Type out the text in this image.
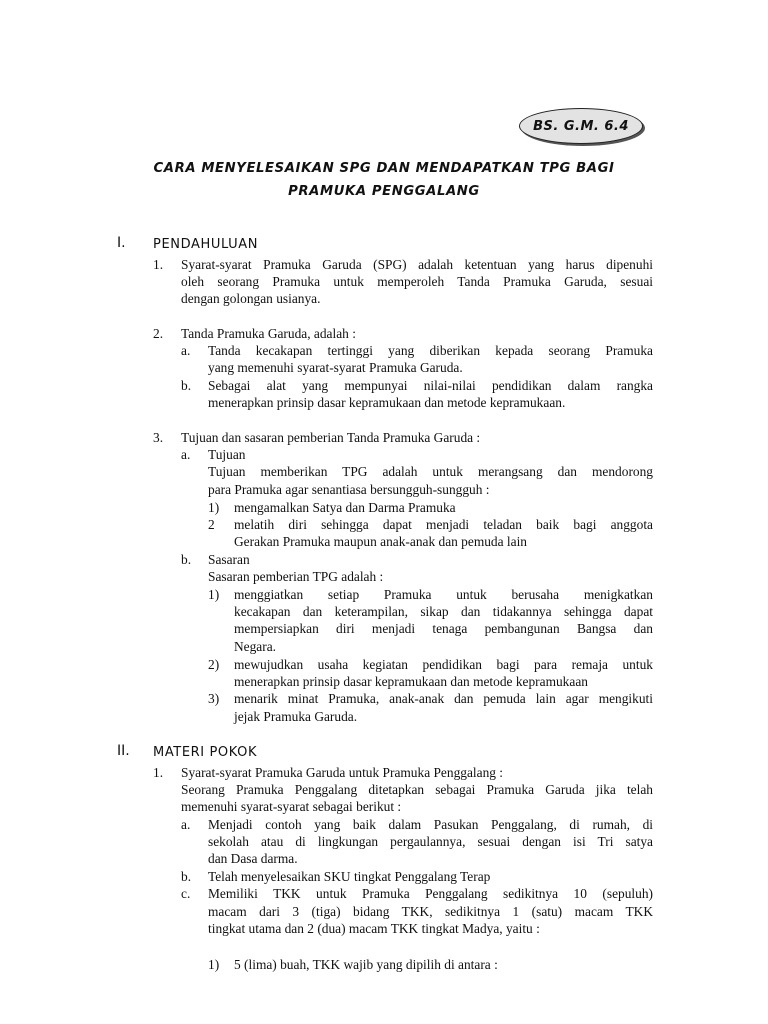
BS. G.M. 6.4
CARA MENYELESAIKAN SPG DAN MENDAPATKAN TPG BAGI
PRAMUKA PENGGALANG
I. PENDAHULUAN
1. Syarat-syarat Pramuka Garuda (SPG) adalah ketentuan yang harus dipenuhi
oleh seorang Pramuka untuk memperoleh Tanda Pramuka Garuda, sesuai
dengan golongan usianya.
2. Tanda Pramuka Garuda, adalah :
a. Tanda kecakapan tertinggi yang diberikan kepada seorang Pramuka
yang memenuhi syarat-syarat Pramuka Garuda.
b. Sebagai alat yang mempunyai nilai-nilai pendidikan dalam rangka
menerapkan prinsip dasar kepramukaan dan metode kepramukaan.
3. Tujuan dan sasaran pemberian Tanda Pramuka Garuda :
a. Tujuan
Tujuan memberikan TPG adalah untuk merangsang dan mendorong
para Pramuka agar senantiasa bersungguh-sungguh :
1) mengamalkan Satya dan Darma Pramuka
2 melatih diri sehingga dapat menjadi teladan baik bagi anggota
Gerakan Pramuka maupun anak-anak dan pemuda lain
b. Sasaran
Sasaran pemberian TPG adalah :
1) menggiatkan setiap Pramuka untuk berusaha menigkatkan
kecakapan dan keterampilan, sikap dan tidakannya sehingga dapat
mempersiapkan diri menjadi tenaga pembangunan Bangsa dan
Negara.
2) mewujudkan usaha kegiatan pendidikan bagi para remaja untuk
menerapkan prinsip dasar kepramukaan dan metode kepramukaan
3) menarik minat Pramuka, anak-anak dan pemuda lain agar mengikuti
jejak Pramuka Garuda.
II. MATERI POKOK
1. Syarat-syarat Pramuka Garuda untuk Pramuka Penggalang :
Seorang Pramuka Penggalang ditetapkan sebagai Pramuka Garuda jika telah
memenuhi syarat-syarat sebagai berikut :
a. Menjadi contoh yang baik dalam Pasukan Penggalang, di rumah, di
sekolah atau di lingkungan pergaulannya, sesuai dengan isi Tri satya
dan Dasa darma.
b. Telah menyelesaikan SKU tingkat Penggalang Terap
c. Memiliki TKK untuk Pramuka Penggalang sedikitnya 10 (sepuluh)
macam dari 3 (tiga) bidang TKK, sedikitnya 1 (satu) macam TKK
tingkat utama dan 2 (dua) macam TKK tingkat Madya, yaitu :
1) 5 (lima) buah, TKK wajib yang dipilih di antara :
